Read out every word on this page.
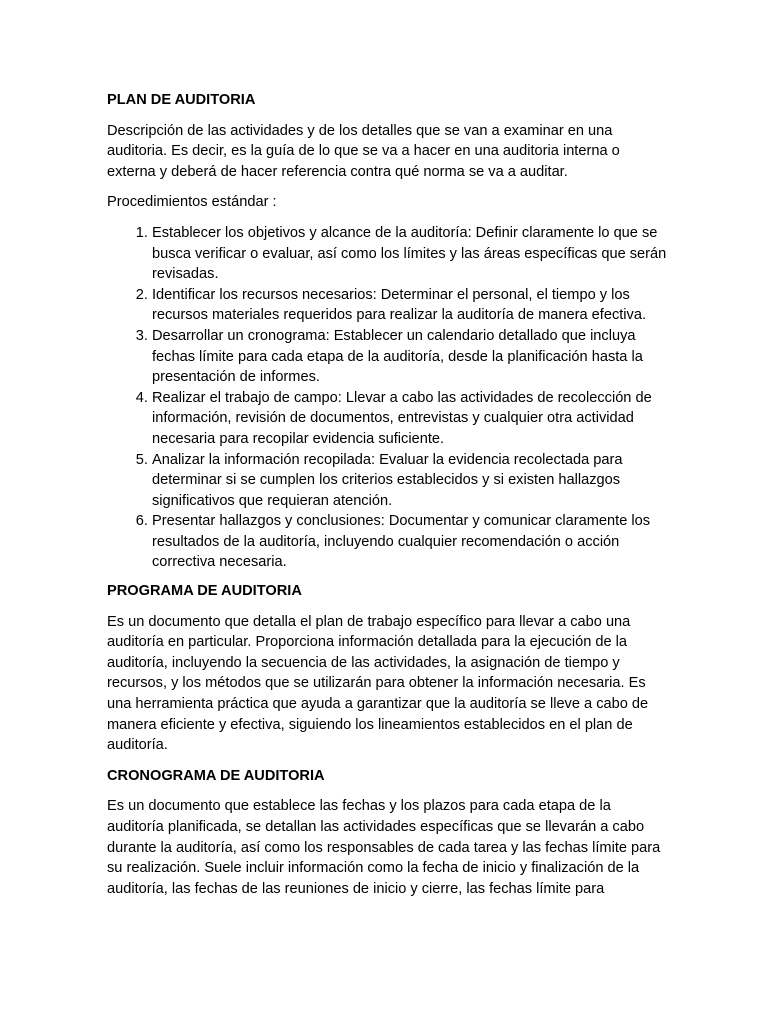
PLAN DE AUDITORIA

Descripción de las actividades y de los detalles que se van a examinar en una auditoria. Es decir, es la guía de lo que se va a hacer en una auditoria interna o externa y deberá de hacer referencia contra qué norma se va a auditar.

Procedimientos estándar :

1. Establecer los objetivos y alcance de la auditoría: Definir claramente lo que se busca verificar o evaluar, así como los límites y las áreas específicas que serán revisadas.
2. Identificar los recursos necesarios: Determinar el personal, el tiempo y los recursos materiales requeridos para realizar la auditoría de manera efectiva.
3. Desarrollar un cronograma: Establecer un calendario detallado que incluya fechas límite para cada etapa de la auditoría, desde la planificación hasta la presentación de informes.
4. Realizar el trabajo de campo: Llevar a cabo las actividades de recolección de información, revisión de documentos, entrevistas y cualquier otra actividad necesaria para recopilar evidencia suficiente.
5. Analizar la información recopilada: Evaluar la evidencia recolectada para determinar si se cumplen los criterios establecidos y si existen hallazgos significativos que requieran atención.
6. Presentar hallazgos y conclusiones: Documentar y comunicar claramente los resultados de la auditoría, incluyendo cualquier recomendación o acción correctiva necesaria.
PROGRAMA DE AUDITORIA

Es un documento que detalla el plan de trabajo específico para llevar a cabo una auditoría en particular. Proporciona información detallada para la ejecución de la auditoría, incluyendo la secuencia de las actividades, la asignación de tiempo y recursos, y los métodos que se utilizarán para obtener la información necesaria. Es una herramienta práctica que ayuda a garantizar que la auditoría se lleve a cabo de manera eficiente y efectiva, siguiendo los lineamientos establecidos en el plan de auditoría.

CRONOGRAMA DE AUDITORIA

Es un documento que establece las fechas y los plazos para cada etapa de la auditoría planificada, se detallan las actividades específicas que se llevarán a cabo durante la auditoría, así como los responsables de cada tarea y las fechas límite para su realización. Suele incluir información como la fecha de inicio y finalización de la auditoría, las fechas de las reuniones de inicio y cierre, las fechas límite para
